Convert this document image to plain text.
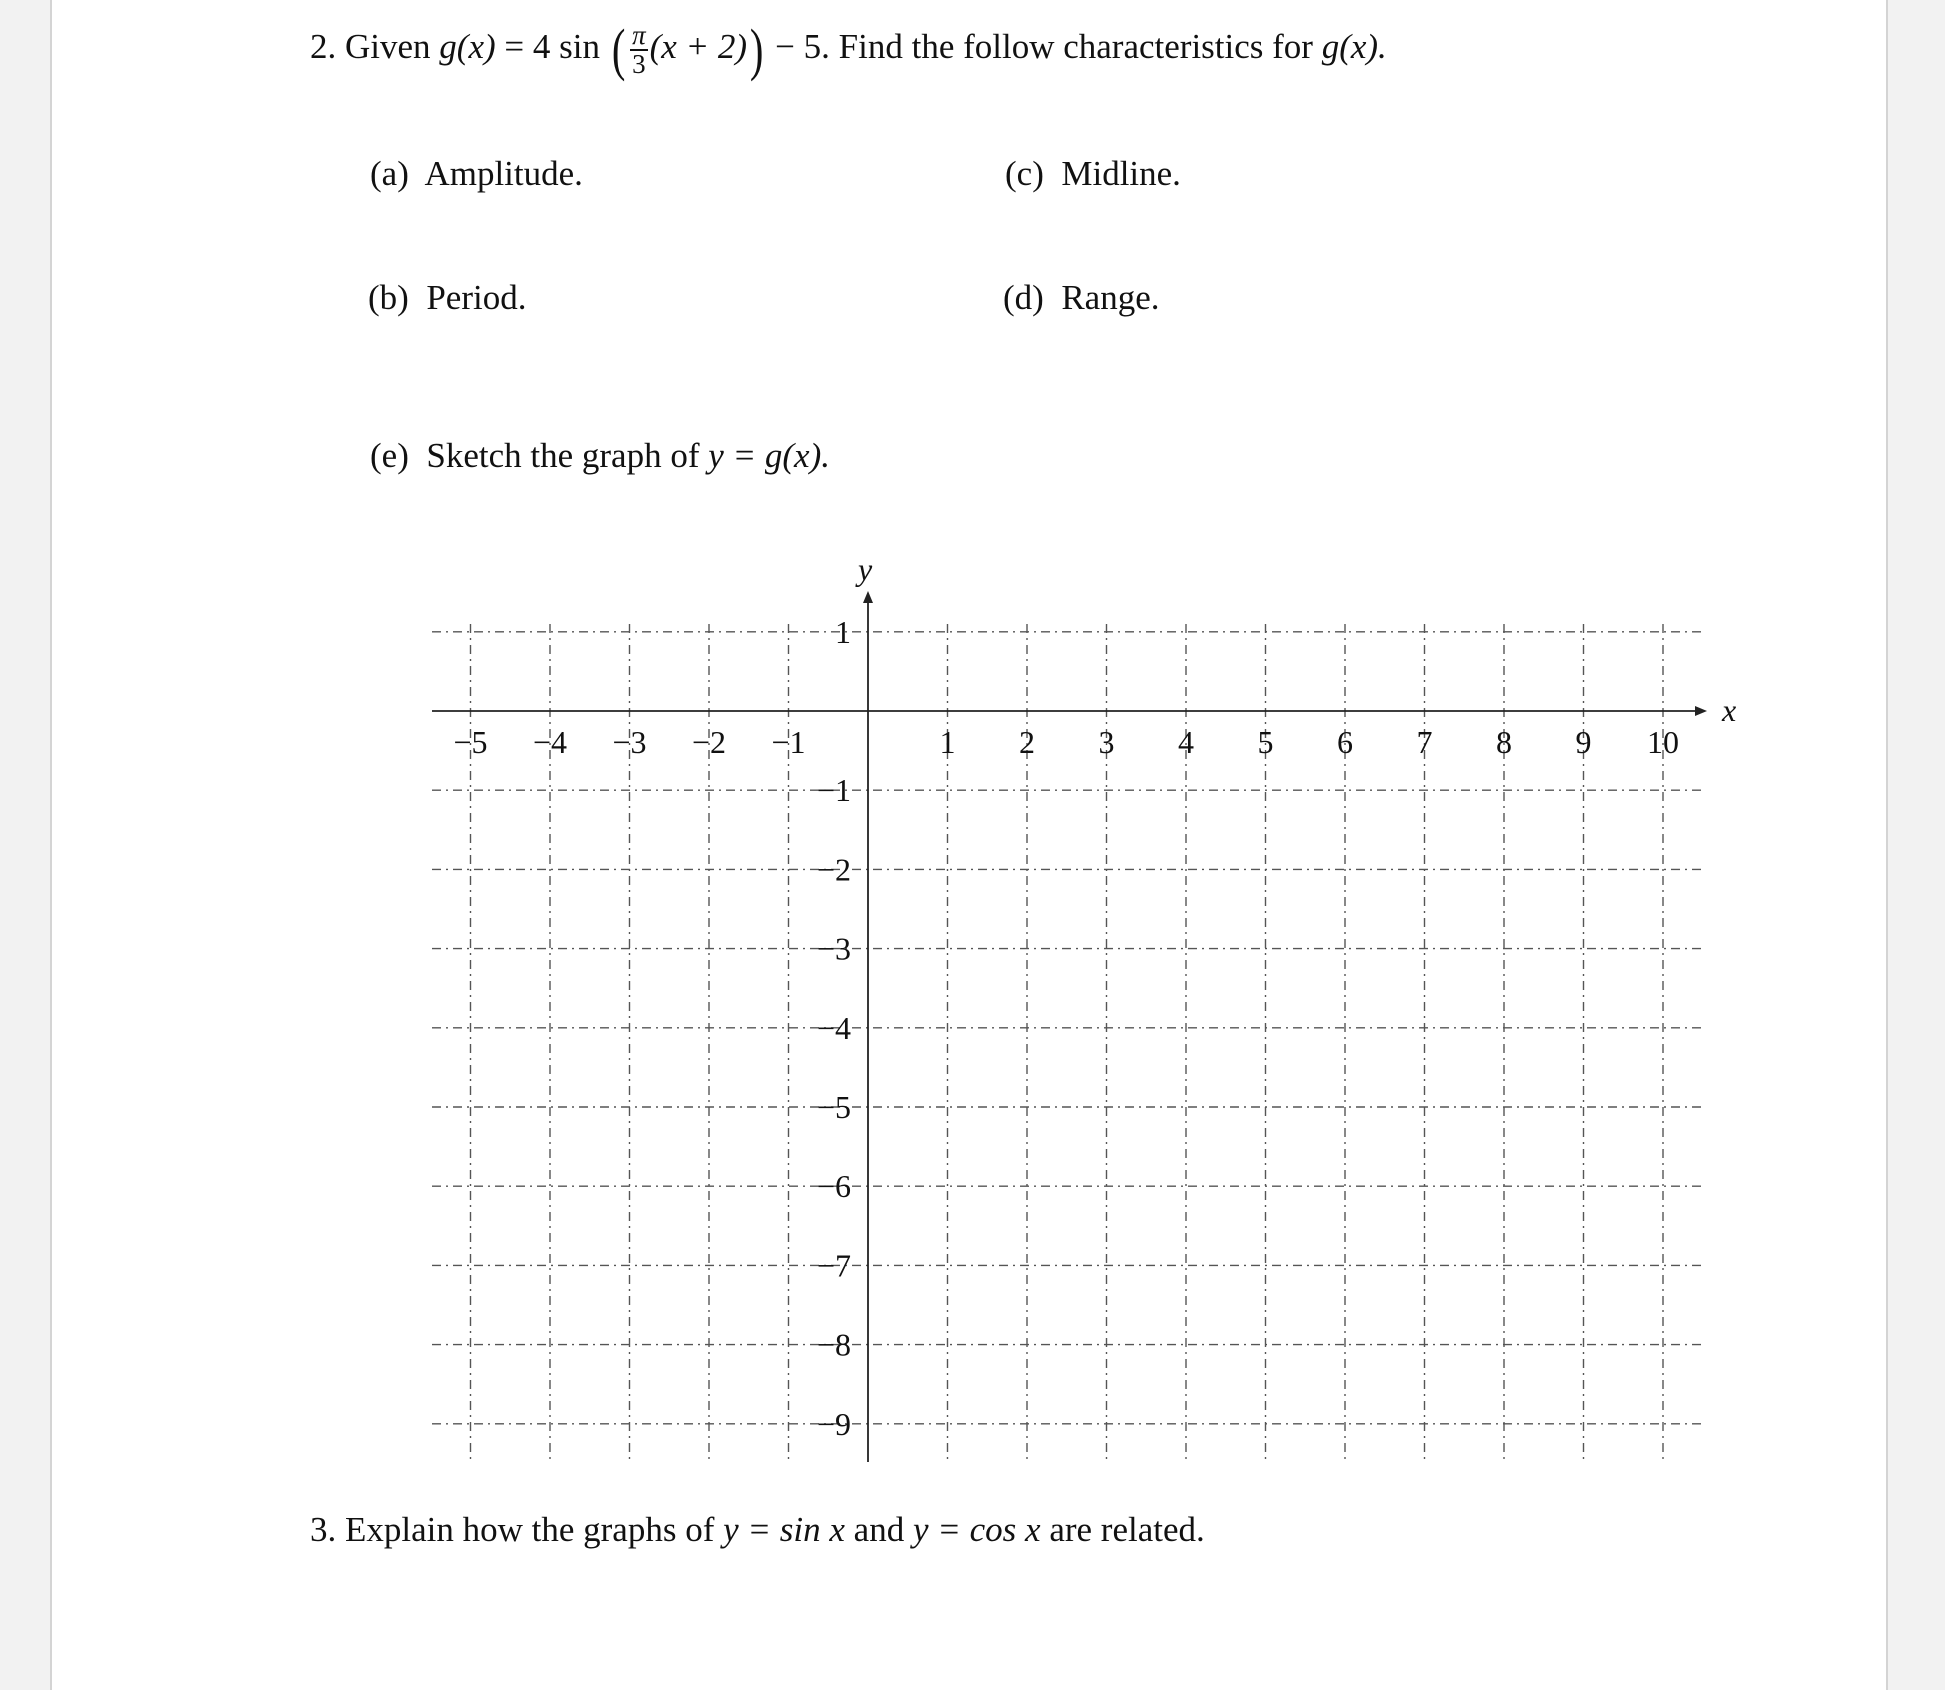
2. Given g(x) = 4 sin ( $\frac{\pi}{3} (x + 2)) - 5$. Find the follow characteristics for g(x).
(a) Amplitude.
(b) Period.
(c) Midline.
(d) Range.
(e) Sketch the graph of y = g(x).
x
y
−5 −4 −3 −2 −1	1 2 3 4 5 6 7 8 9 10
1
−1
−2
−3
−4
−5
−6
−7
−8
−9
3. Explain how the graphs of y = sin x and y = cos x are related.
